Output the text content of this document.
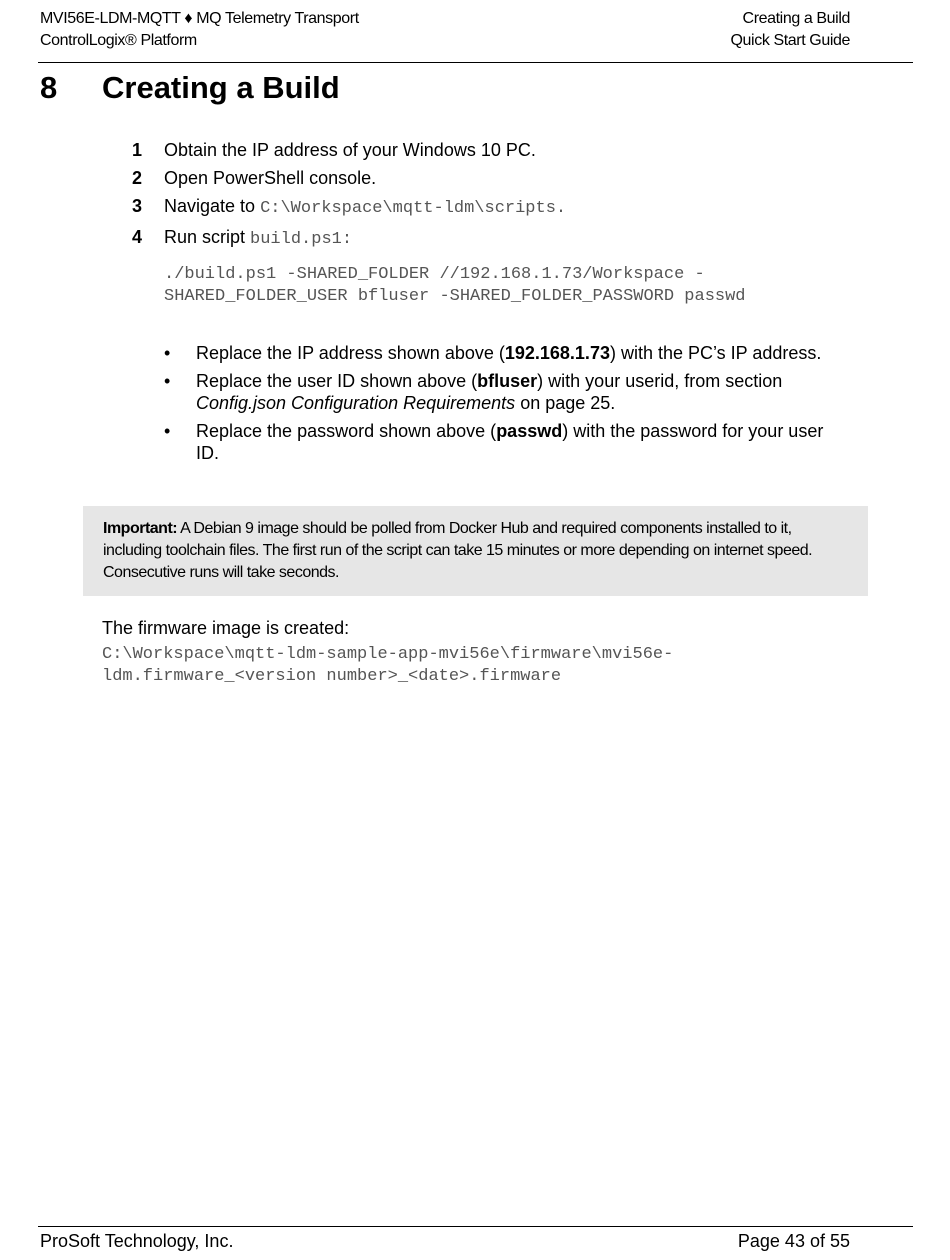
MVI56E-LDM-MQTT ♦ MQ Telemetry Transport	Creating a Build
ControlLogix® Platform	Quick Start Guide
8 Creating a Build
1	Obtain the IP address of your Windows 10 PC.
2	Open PowerShell console.
3	Navigate to C:\Workspace\mqtt-ldm\scripts.
4	Run script build.ps1:
./build.ps1 -SHARED_FOLDER //192.168.1.73/Workspace -
SHARED_FOLDER_USER bfluser -SHARED_FOLDER_PASSWORD passwd
•	Replace the IP address shown above (192.168.1.73) with the PC’s IP address.
•	Replace the user ID shown above (bfluser) with your userid, from section Config.json Configuration Requirements on page 25.
•	Replace the password shown above (passwd) with the password for your user ID.

Important: A Debian 9 image should be polled from Docker Hub and required components installed to it, including toolchain files. The first run of the script can take 15 minutes or more depending on internet speed. Consecutive runs will take seconds.

The firmware image is created:
C:\Workspace\mqtt-ldm-sample-app-mvi56e\firmware\mvi56e-
ldm.firmware_<version number>_<date>.firmware
ProSoft Technology, Inc.	Page 43 of 55
